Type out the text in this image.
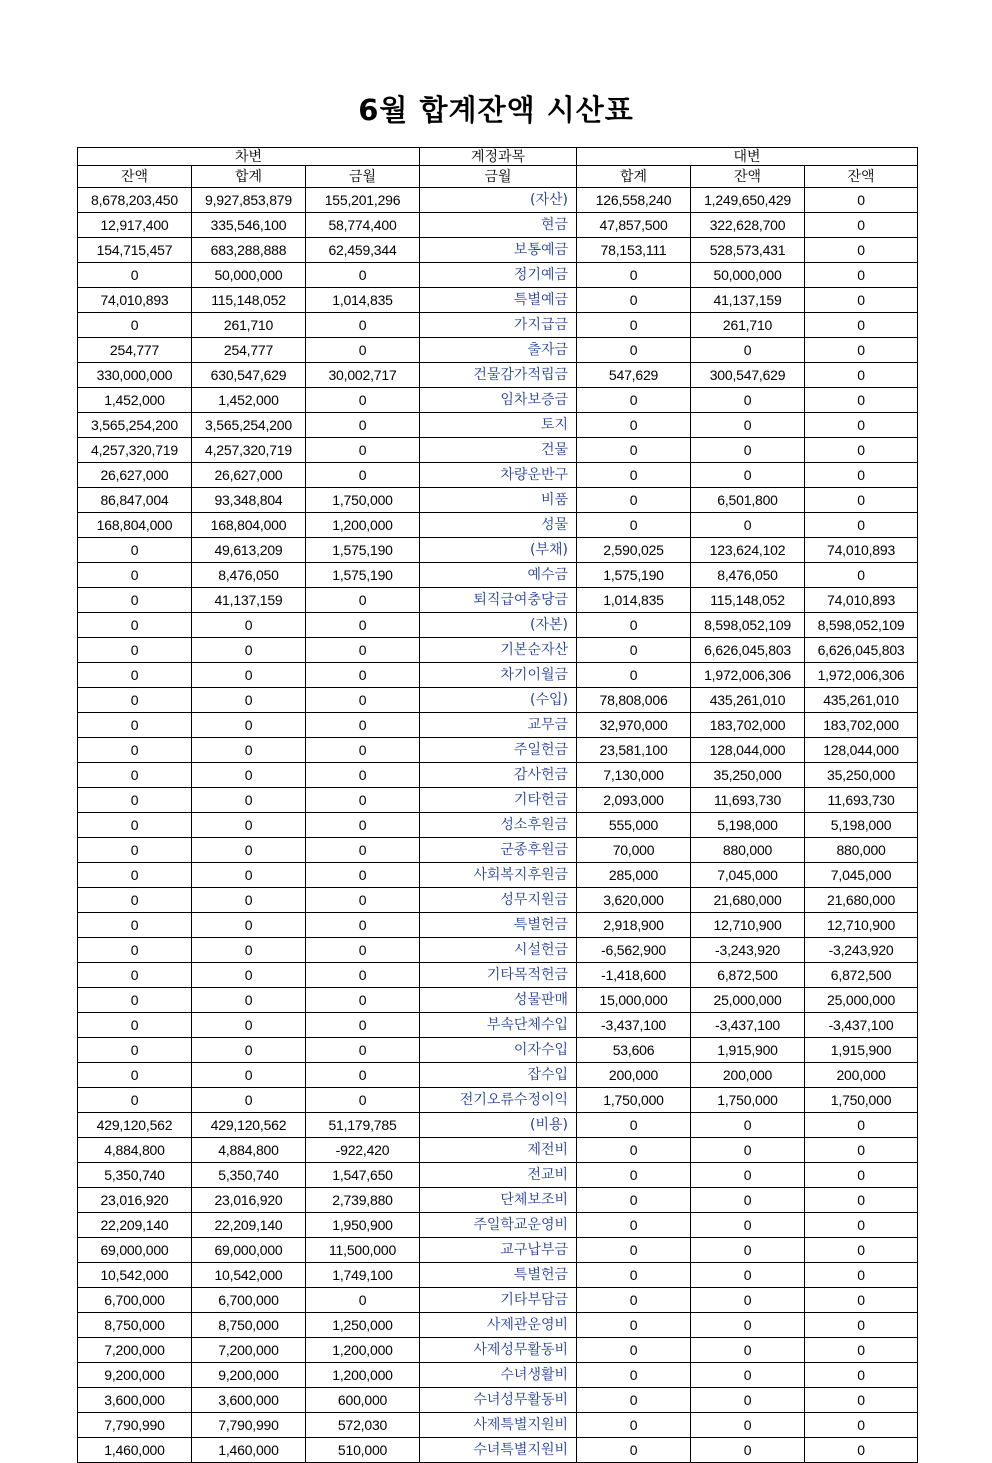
6월 합계잔액 시산표
차변			계정과목	대변		
잔액	합계	금월	금월	합계	잔액	잔액
8,678,203,450	9,927,853,879	155,201,296	(자산)	126,558,240	1,249,650,429	0
12,917,400	335,546,100	58,774,400	현금	47,857,500	322,628,700	0
154,715,457	683,288,888	62,459,344	보통예금	78,153,111	528,573,431	0
0	50,000,000	0	정기예금	0	50,000,000	0
74,010,893	115,148,052	1,014,835	특별예금	0	41,137,159	0
0	261,710	0	가지급금	0	261,710	0
254,777	254,777	0	출자금	0	0	0
330,000,000	630,547,629	30,002,717	건물감가적립금	547,629	300,547,629	0
1,452,000	1,452,000	0	임차보증금	0	0	0
3,565,254,200	3,565,254,200	0	토지	0	0	0
4,257,320,719	4,257,320,719	0	건물	0	0	0
26,627,000	26,627,000	0	차량운반구	0	0	0
86,847,004	93,348,804	1,750,000	비품	0	6,501,800	0
168,804,000	168,804,000	1,200,000	성물	0	0	0
0	49,613,209	1,575,190	(부채)	2,590,025	123,624,102	74,010,893
0	8,476,050	1,575,190	예수금	1,575,190	8,476,050	0
0	41,137,159	0	퇴직급여충당금	1,014,835	115,148,052	74,010,893
0	0	0	(자본)	0	8,598,052,109	8,598,052,109
0	0	0	기본순자산	0	6,626,045,803	6,626,045,803
0	0	0	차기이월금	0	1,972,006,306	1,972,006,306
0	0	0	(수입)	78,808,006	435,261,010	435,261,010
0	0	0	교무금	32,970,000	183,702,000	183,702,000
0	0	0	주일헌금	23,581,100	128,044,000	128,044,000
0	0	0	감사헌금	7,130,000	35,250,000	35,250,000
0	0	0	기타헌금	2,093,000	11,693,730	11,693,730
0	0	0	성소후원금	555,000	5,198,000	5,198,000
0	0	0	군종후원금	70,000	880,000	880,000
0	0	0	사회복지후원금	285,000	7,045,000	7,045,000
0	0	0	성무지원금	3,620,000	21,680,000	21,680,000
0	0	0	특별헌금	2,918,900	12,710,900	12,710,900
0	0	0	시설헌금	-6,562,900	-3,243,920	-3,243,920
0	0	0	기타목적헌금	-1,418,600	6,872,500	6,872,500
0	0	0	성물판매	15,000,000	25,000,000	25,000,000
0	0	0	부속단체수입	-3,437,100	-3,437,100	-3,437,100
0	0	0	이자수입	53,606	1,915,900	1,915,900
0	0	0	잡수입	200,000	200,000	200,000
0	0	0	전기오류수정이익	1,750,000	1,750,000	1,750,000
429,120,562	429,120,562	51,179,785	(비용)	0	0	0
4,884,800	4,884,800	-922,420	제전비	0	0	0
5,350,740	5,350,740	1,547,650	전교비	0	0	0
23,016,920	23,016,920	2,739,880	단체보조비	0	0	0
22,209,140	22,209,140	1,950,900	주일학교운영비	0	0	0
69,000,000	69,000,000	11,500,000	교구납부금	0	0	0
10,542,000	10,542,000	1,749,100	특별헌금	0	0	0
6,700,000	6,700,000	0	기타부담금	0	0	0
8,750,000	8,750,000	1,250,000	사제관운영비	0	0	0
7,200,000	7,200,000	1,200,000	사제성무활동비	0	0	0
9,200,000	9,200,000	1,200,000	수녀생활비	0	0	0
3,600,000	3,600,000	600,000	수녀성무활동비	0	0	0
7,790,990	7,790,990	572,030	사제특별지원비	0	0	0
1,460,000	1,460,000	510,000	수녀특별지원비	0	0	0
